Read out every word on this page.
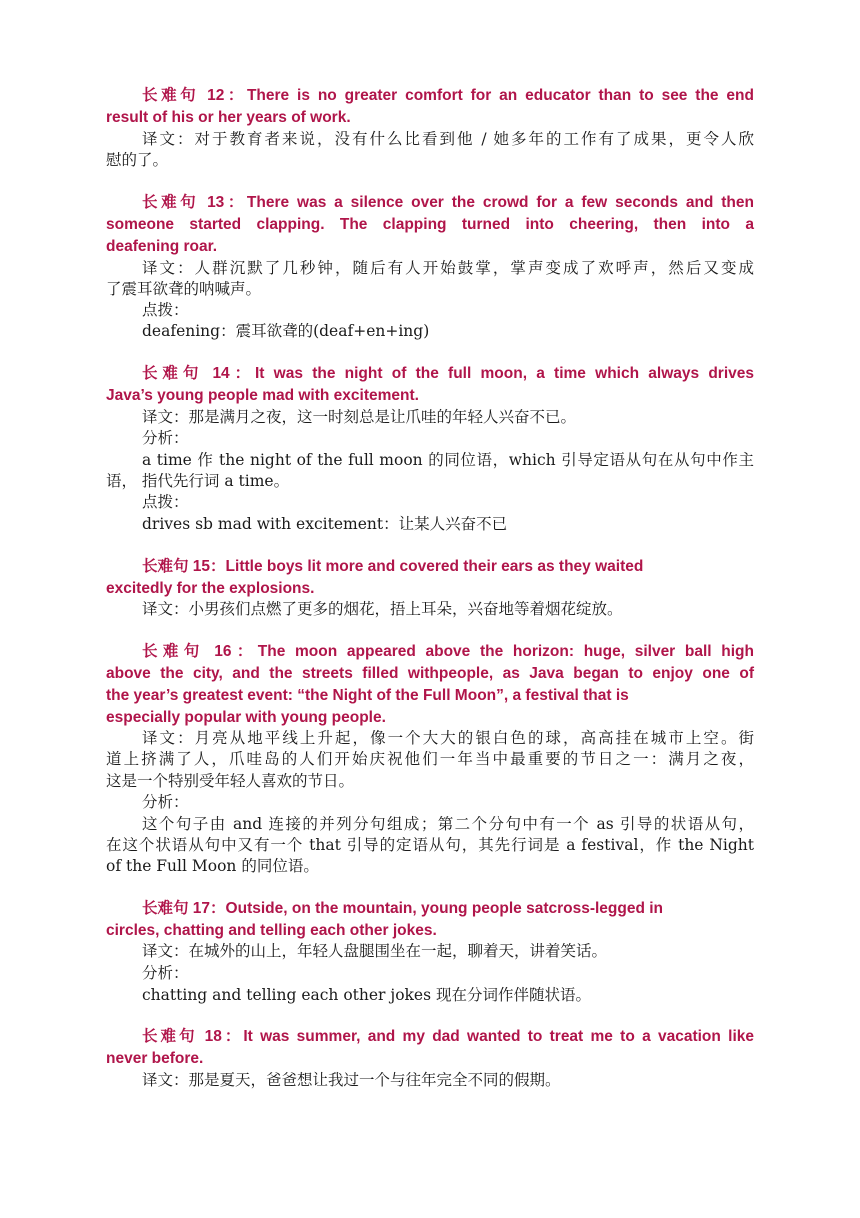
长难句 12：There is no greater comfort for an educator than to see the end
result of his or her years of work.
译文：对于教育者来说，没有什么比看到他 / 她多年的工作有了成果，更令人欣
慰的了。
长难句 13：There was a silence over the crowd for a few seconds and then
someone started clapping. The clapping turned into cheering, then into a
deafening roar.
译文：人群沉默了几秒钟，随后有人开始鼓掌，掌声变成了欢呼声，然后又变成
了震耳欲聋的呐喊声。
点拨：
deafening：震耳欲聋的(deaf+en+ing)
长难句 14：It was the night of the full moon, a time which always drives
Java’s young people mad with excitement.
译文：那是满月之夜，这一时刻总是让爪哇的年轻人兴奋不已。
分析：
a time 作 the night of the full moon 的同位语，which 引导定语从句在从句中作主
语， 指代先行词 a time。
点拨：
drives sb mad with excitement：让某人兴奋不已
长难句 15：Little boys lit more and covered their ears as they waited
excitedly for the explosions.
译文：小男孩们点燃了更多的烟花，捂上耳朵，兴奋地等着烟花绽放。
长难句 16：The moon appeared above the horizon: huge, silver ball high
above the city, and the streets filled withpeople, as Java began to enjoy one of
the year’s greatest event: “the Night of the Full Moon”, a festival that is
especially popular with young people.
译文：月亮从地平线上升起，像一个大大的银白色的球，高高挂在城市上空。街
道上挤满了人，爪哇岛的人们开始庆祝他们一年当中最重要的节日之一：满月之夜，
这是一个特别受年轻人喜欢的节日。
分析：
这个句子由 and 连接的并列分句组成；第二个分句中有一个 as 引导的状语从句，
在这个状语从句中又有一个 that 引导的定语从句，其先行词是 a festival，作 the Night
of the Full Moon 的同位语。
长难句 17：Outside, on the mountain, young people satcross-legged in
circles, chatting and telling each other jokes.
译文：在城外的山上，年轻人盘腿围坐在一起，聊着天，讲着笑话。
分析：
chatting and telling each other jokes 现在分词作伴随状语。
长难句 18：It was summer, and my dad wanted to treat me to a vacation like
never before.
译文：那是夏天，爸爸想让我过一个与往年完全不同的假期。
